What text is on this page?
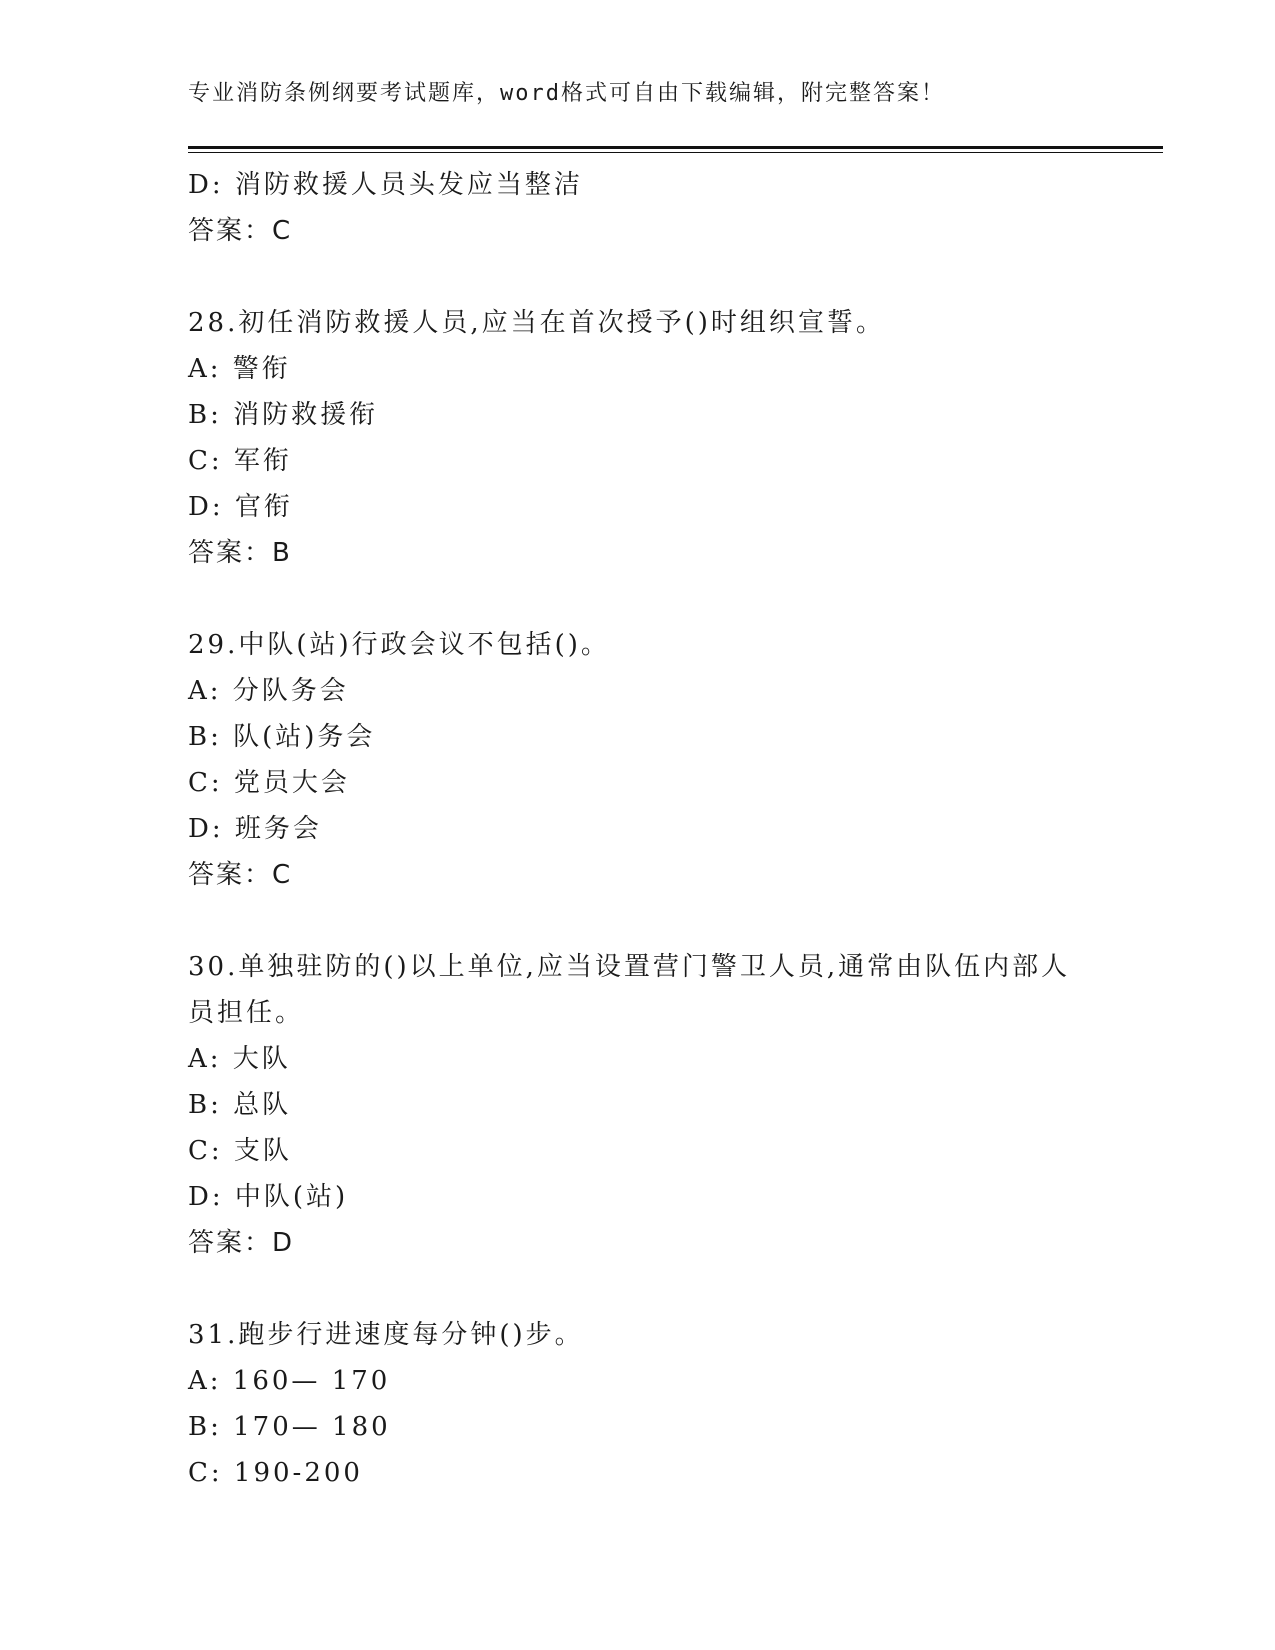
专业消防条例纲要考试题库，word格式可自由下载编辑，附完整答案！
D: 消防救援人员头发应当整洁
答案：C
28.初任消防救援人员,应当在首次授予()时组织宣誓。
A: 警衔
B: 消防救援衔
C: 军衔
D: 官衔
答案：B
29.中队(站)行政会议不包括()。
A: 分队务会
B: 队(站)务会
C: 党员大会
D: 班务会
答案：C
30.单独驻防的()以上单位,应当设置营门警卫人员,通常由队伍内部人员担任。
A: 大队
B: 总队
C: 支队
D: 中队(站)
答案：D
31.跑步行进速度每分钟()步。
A: 160— 170
B: 170— 180
C: 190-200
